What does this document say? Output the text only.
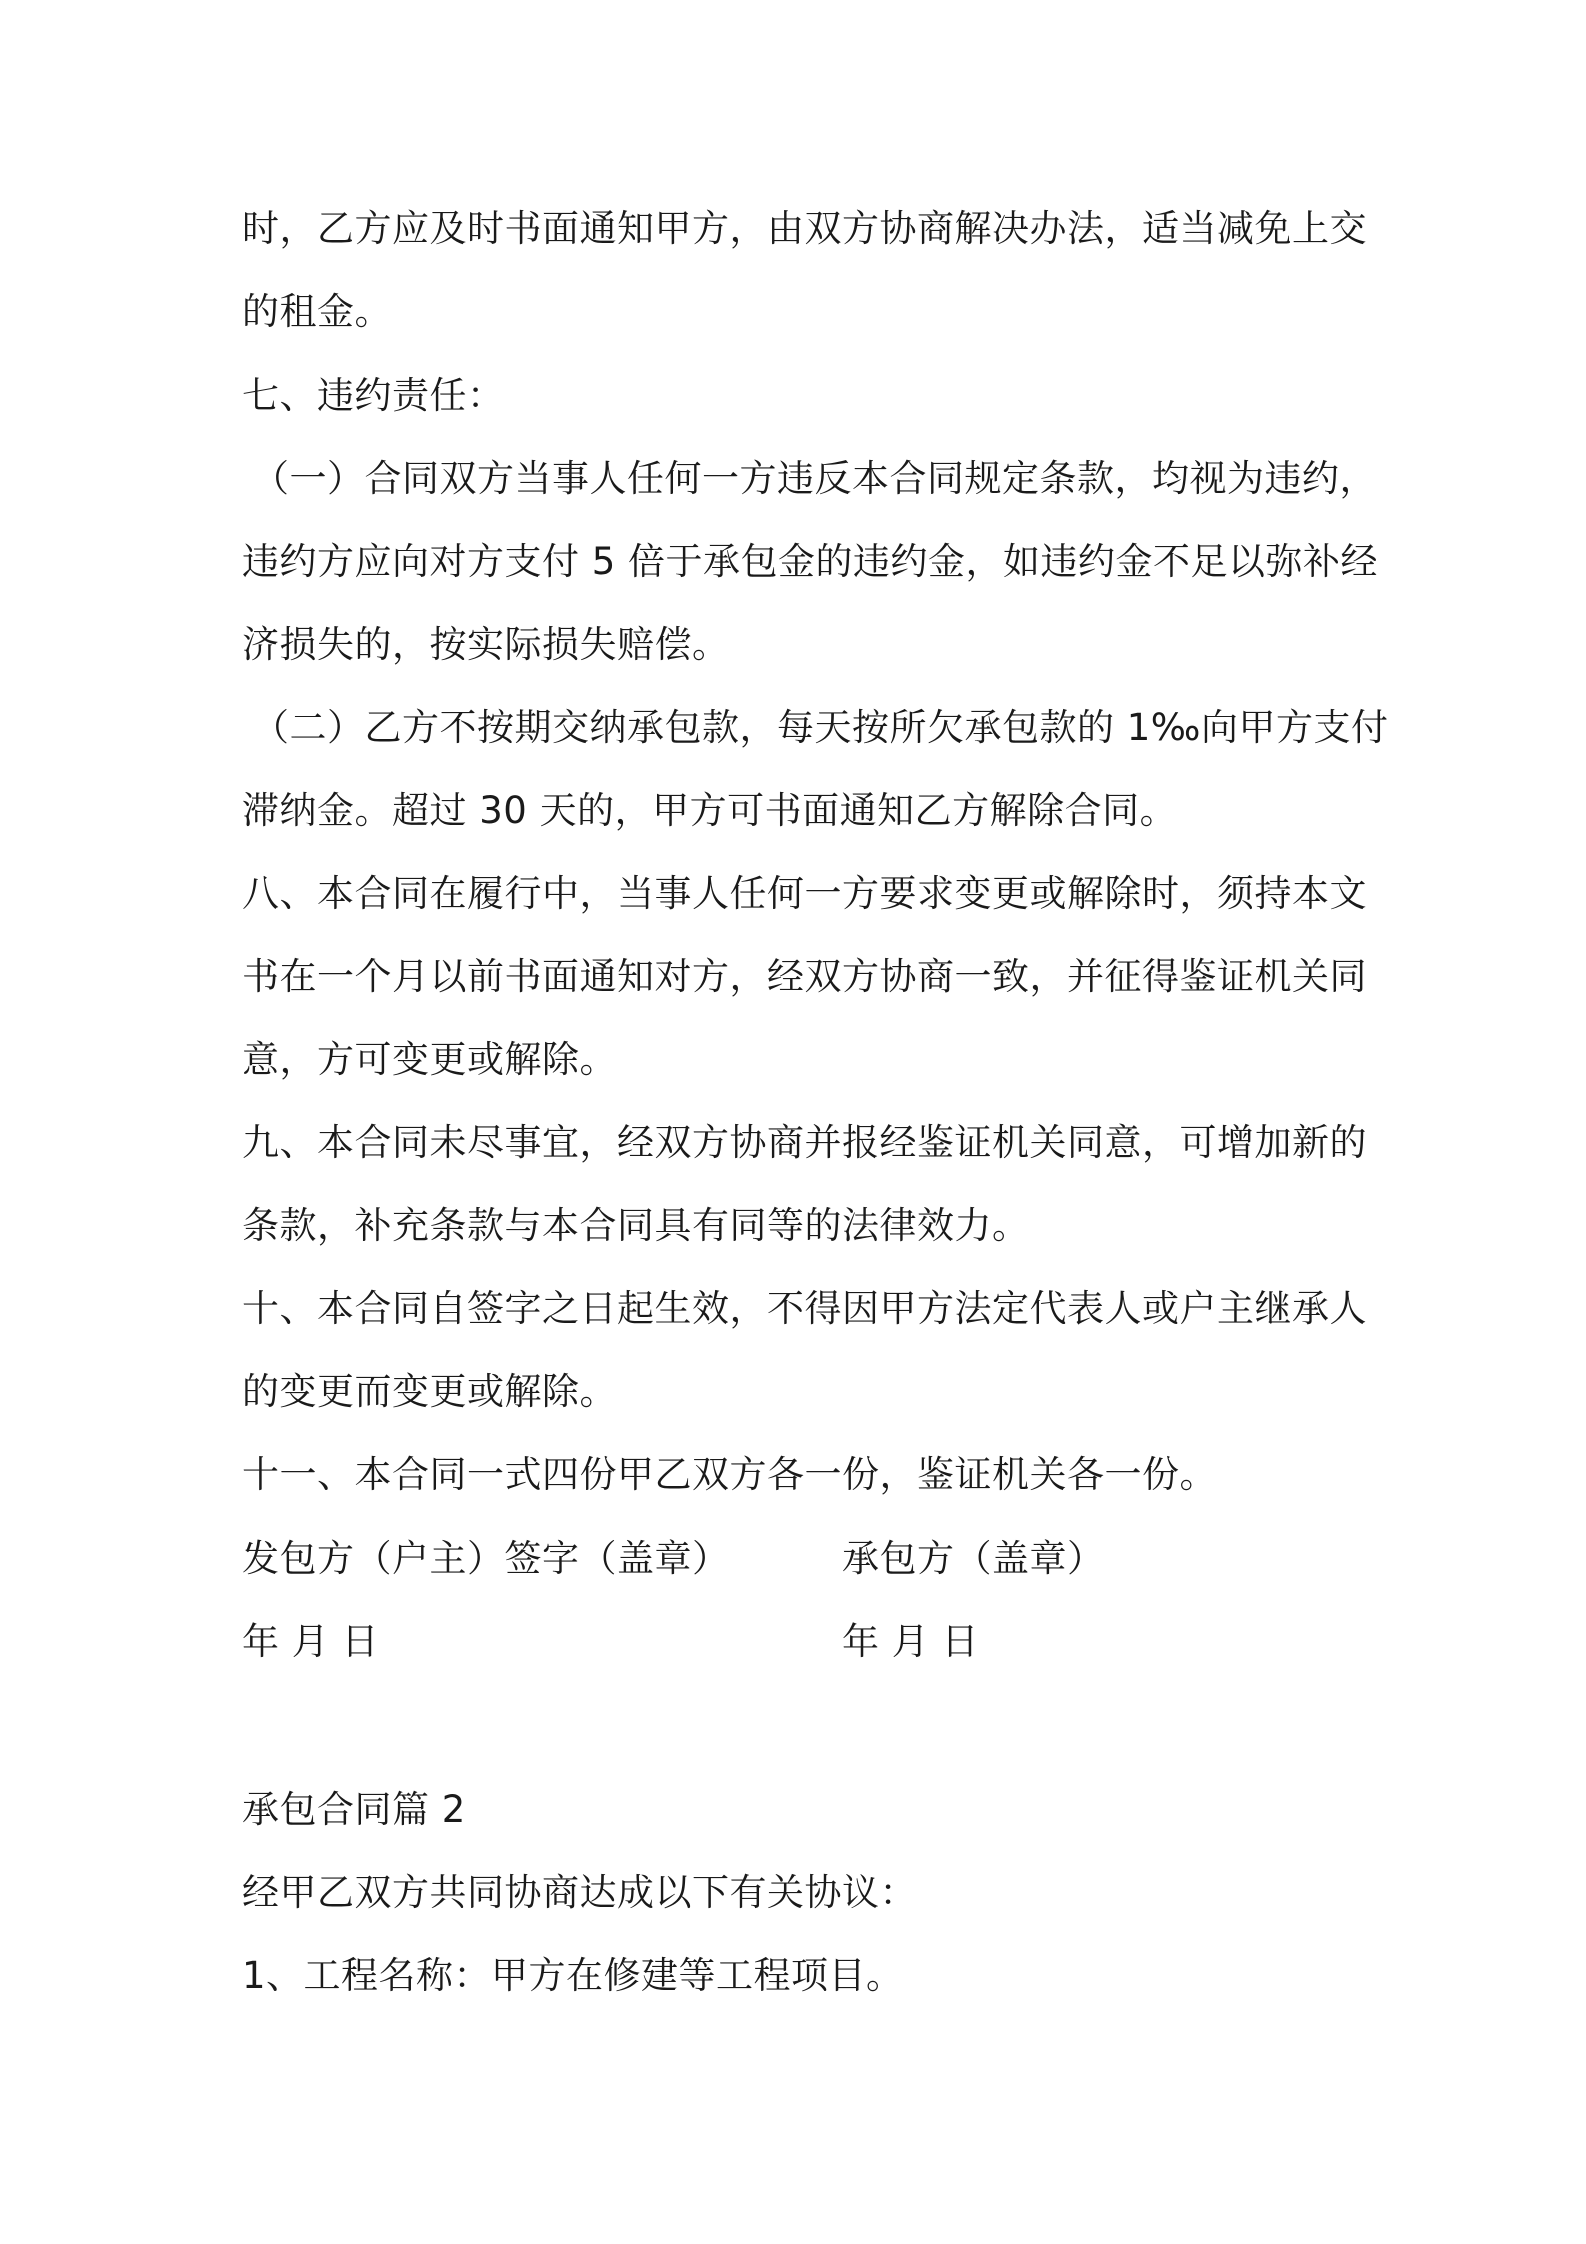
时，乙方应及时书面通知甲方，由双方协商解决办法，适当减免上交
的租金。
七、违约责任：
（一）合同双方当事人任何一方违反本合同规定条款，均视为违约，
违约方应向对方支付 5 倍于承包金的违约金，如违约金不足以弥补经
济损失的，按实际损失赔偿。
（二）乙方不按期交纳承包款，每天按所欠承包款的 1‰向甲方支付
滞纳金。超过 30 天的，甲方可书面通知乙方解除合同。
八、本合同在履行中，当事人任何一方要求变更或解除时，须持本文
书在一个月以前书面通知对方，经双方协商一致，并征得鉴证机关同
意，方可变更或解除。
九、本合同未尽事宜，经双方协商并报经鉴证机关同意，可增加新的
条款，补充条款与本合同具有同等的法律效力。
十、本合同自签字之日起生效，不得因甲方法定代表人或户主继承人
的变更而变更或解除。
十一、本合同一式四份甲乙双方各一份，鉴证机关各一份。
发包方（户主）签字（盖章）	承包方（盖章）
年 月 日	年 月 日
承包合同篇 2
经甲乙双方共同协商达成以下有关协议：
1、工程名称：甲方在修建等工程项目。
